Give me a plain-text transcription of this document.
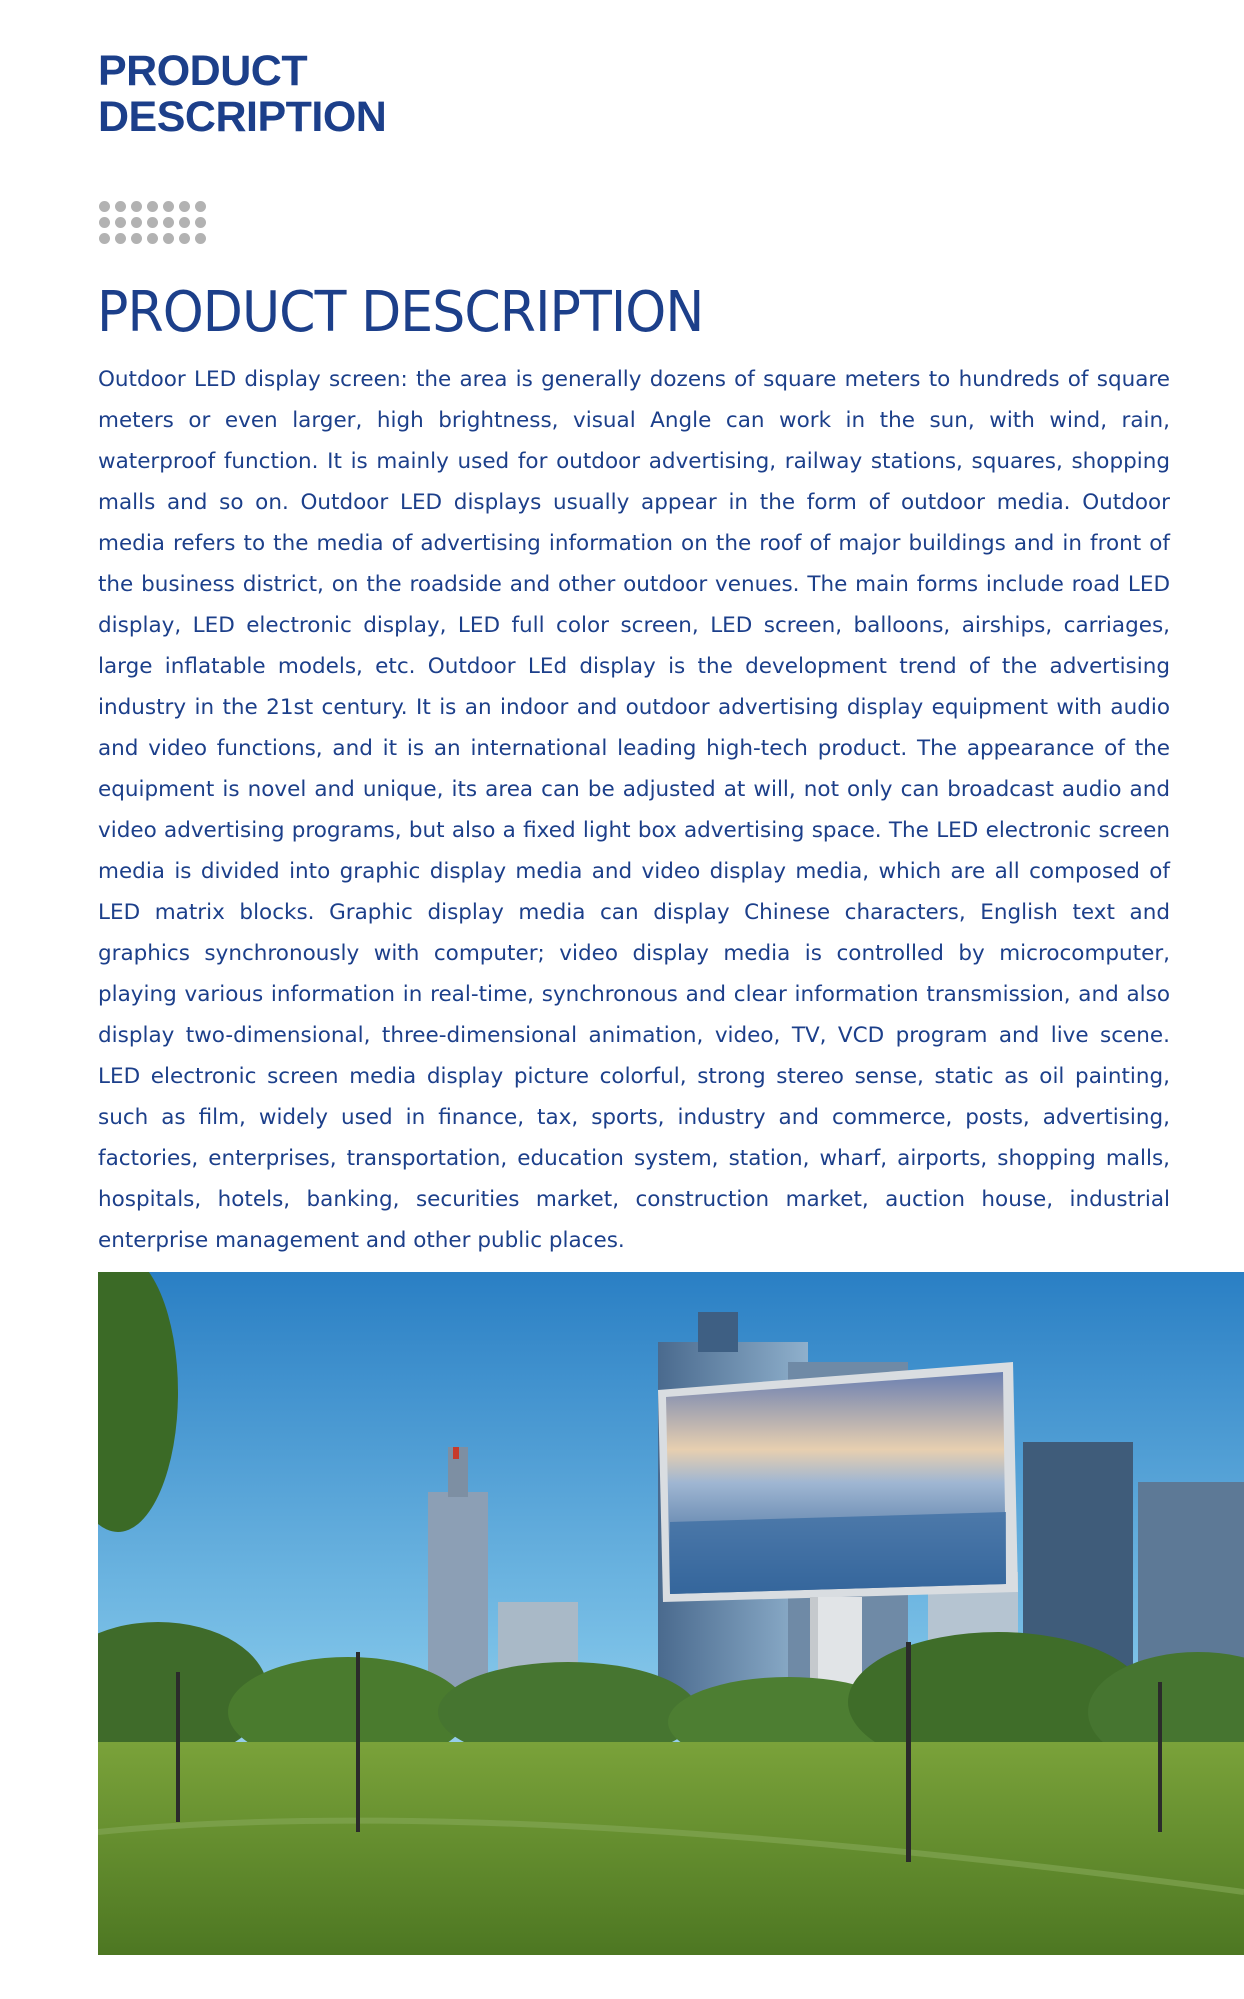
PRODUCT DESCRIPTION
PRODUCT DESCRIPTION

Outdoor LED display screen: the area is generally dozens of square meters to hundreds of square meters or even larger, high brightness, visual Angle can work in the sun, with wind, rain, waterproof function. It is mainly used for outdoor advertising, railway stations, squares, shopping malls and so on. Outdoor LED displays usually appear in the form of outdoor media. Outdoor media refers to the media of advertising information on the roof of major buildings and in front of the business district, on the roadside and other outdoor venues. The main forms include road LED display, LED electronic display, LED full color screen, LED screen, balloons, airships, carriages, large inflatable models, etc. Outdoor LEd display is the development trend of the advertising industry in the 21st century. It is an indoor and outdoor advertising display equipment with audio and video functions, and it is an international leading high-tech product. The appearance of the equipment is novel and unique, its area can be adjusted at will, not only can broadcast audio and video advertising programs, but also a fixed light box advertising space. The LED electronic screen media is divided into graphic display media and video display media, which are all composed of LED matrix blocks. Graphic display media can display Chinese characters, English text and graphics synchronously with computer; video display media is controlled by microcomputer, playing various information in real-time, synchronous and clear information transmission, and also display two-dimensional, three-dimensional animation, video, TV, VCD program and live scene. LED electronic screen media display picture colorful, strong stereo sense, static as oil painting, such as film, widely used in finance, tax, sports, industry and commerce, posts, advertising, factories, enterprises, transportation, education system, station, wharf, airports, shopping malls, hospitals, hotels, banking, securities market, construction market, auction house, industrial enterprise management and other public places.
